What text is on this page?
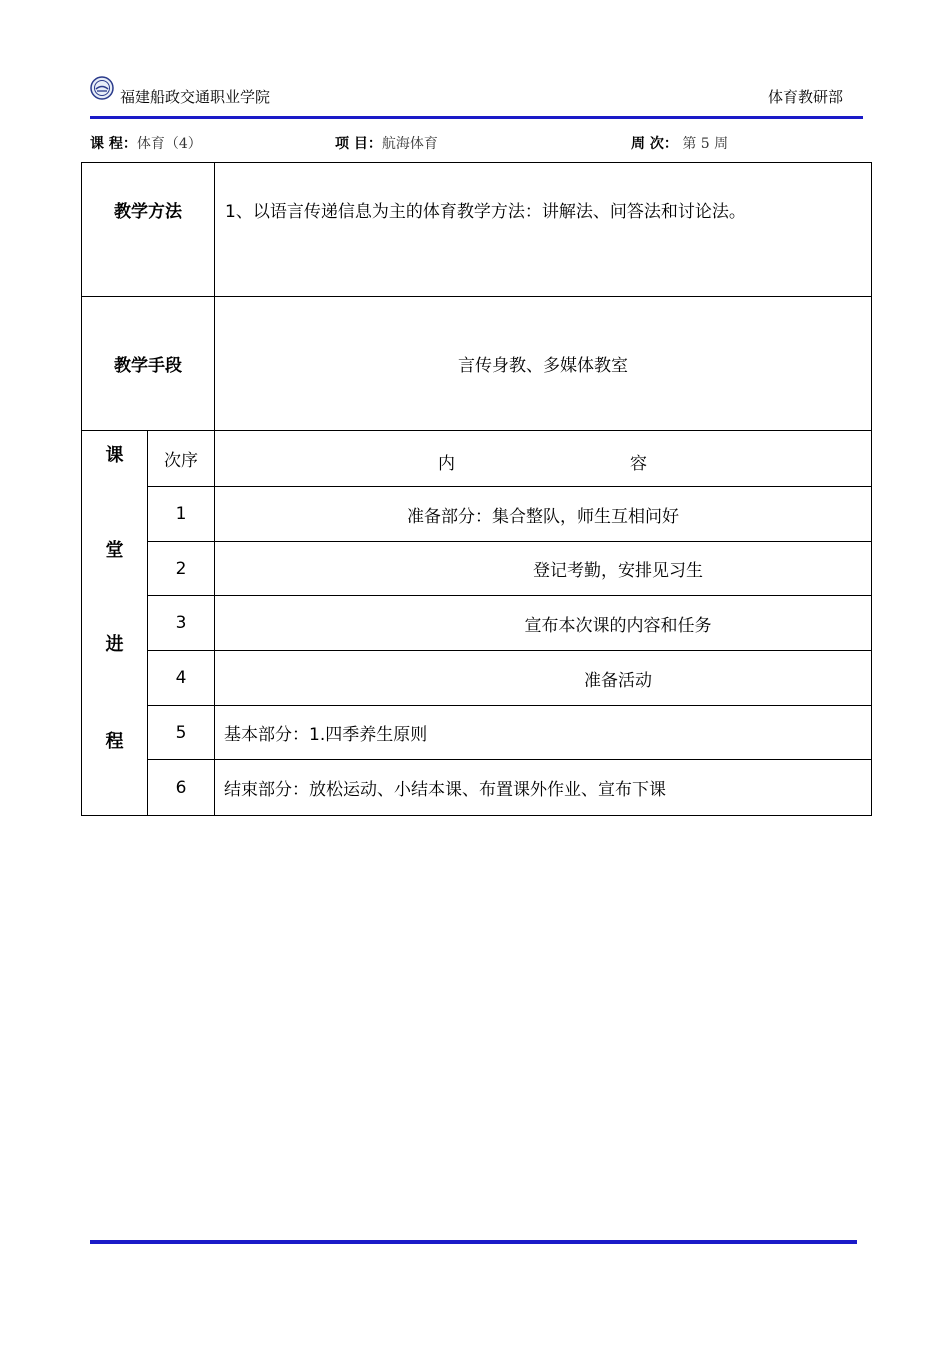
福建船政交通职业学院	体育教研部
课 程：体育（4）	项 目：航海体育	周 次： 第 5 周
教学方法		1、以语言传递信息为主的体育教学方法：讲解法、问答法和讨论法。
教学手段		言传身教、多媒体教室

课
堂
进
程	次序	内 容

	1	准备部分：集合整队，师生互相问好
	2	登记考勤，安排见习生
	3	宣布本次课的内容和任务
	4	准备活动
	5	基本部分：1.四季养生原则
	6	结束部分：放松运动、小结本课、布置课外作业、宣布下课
